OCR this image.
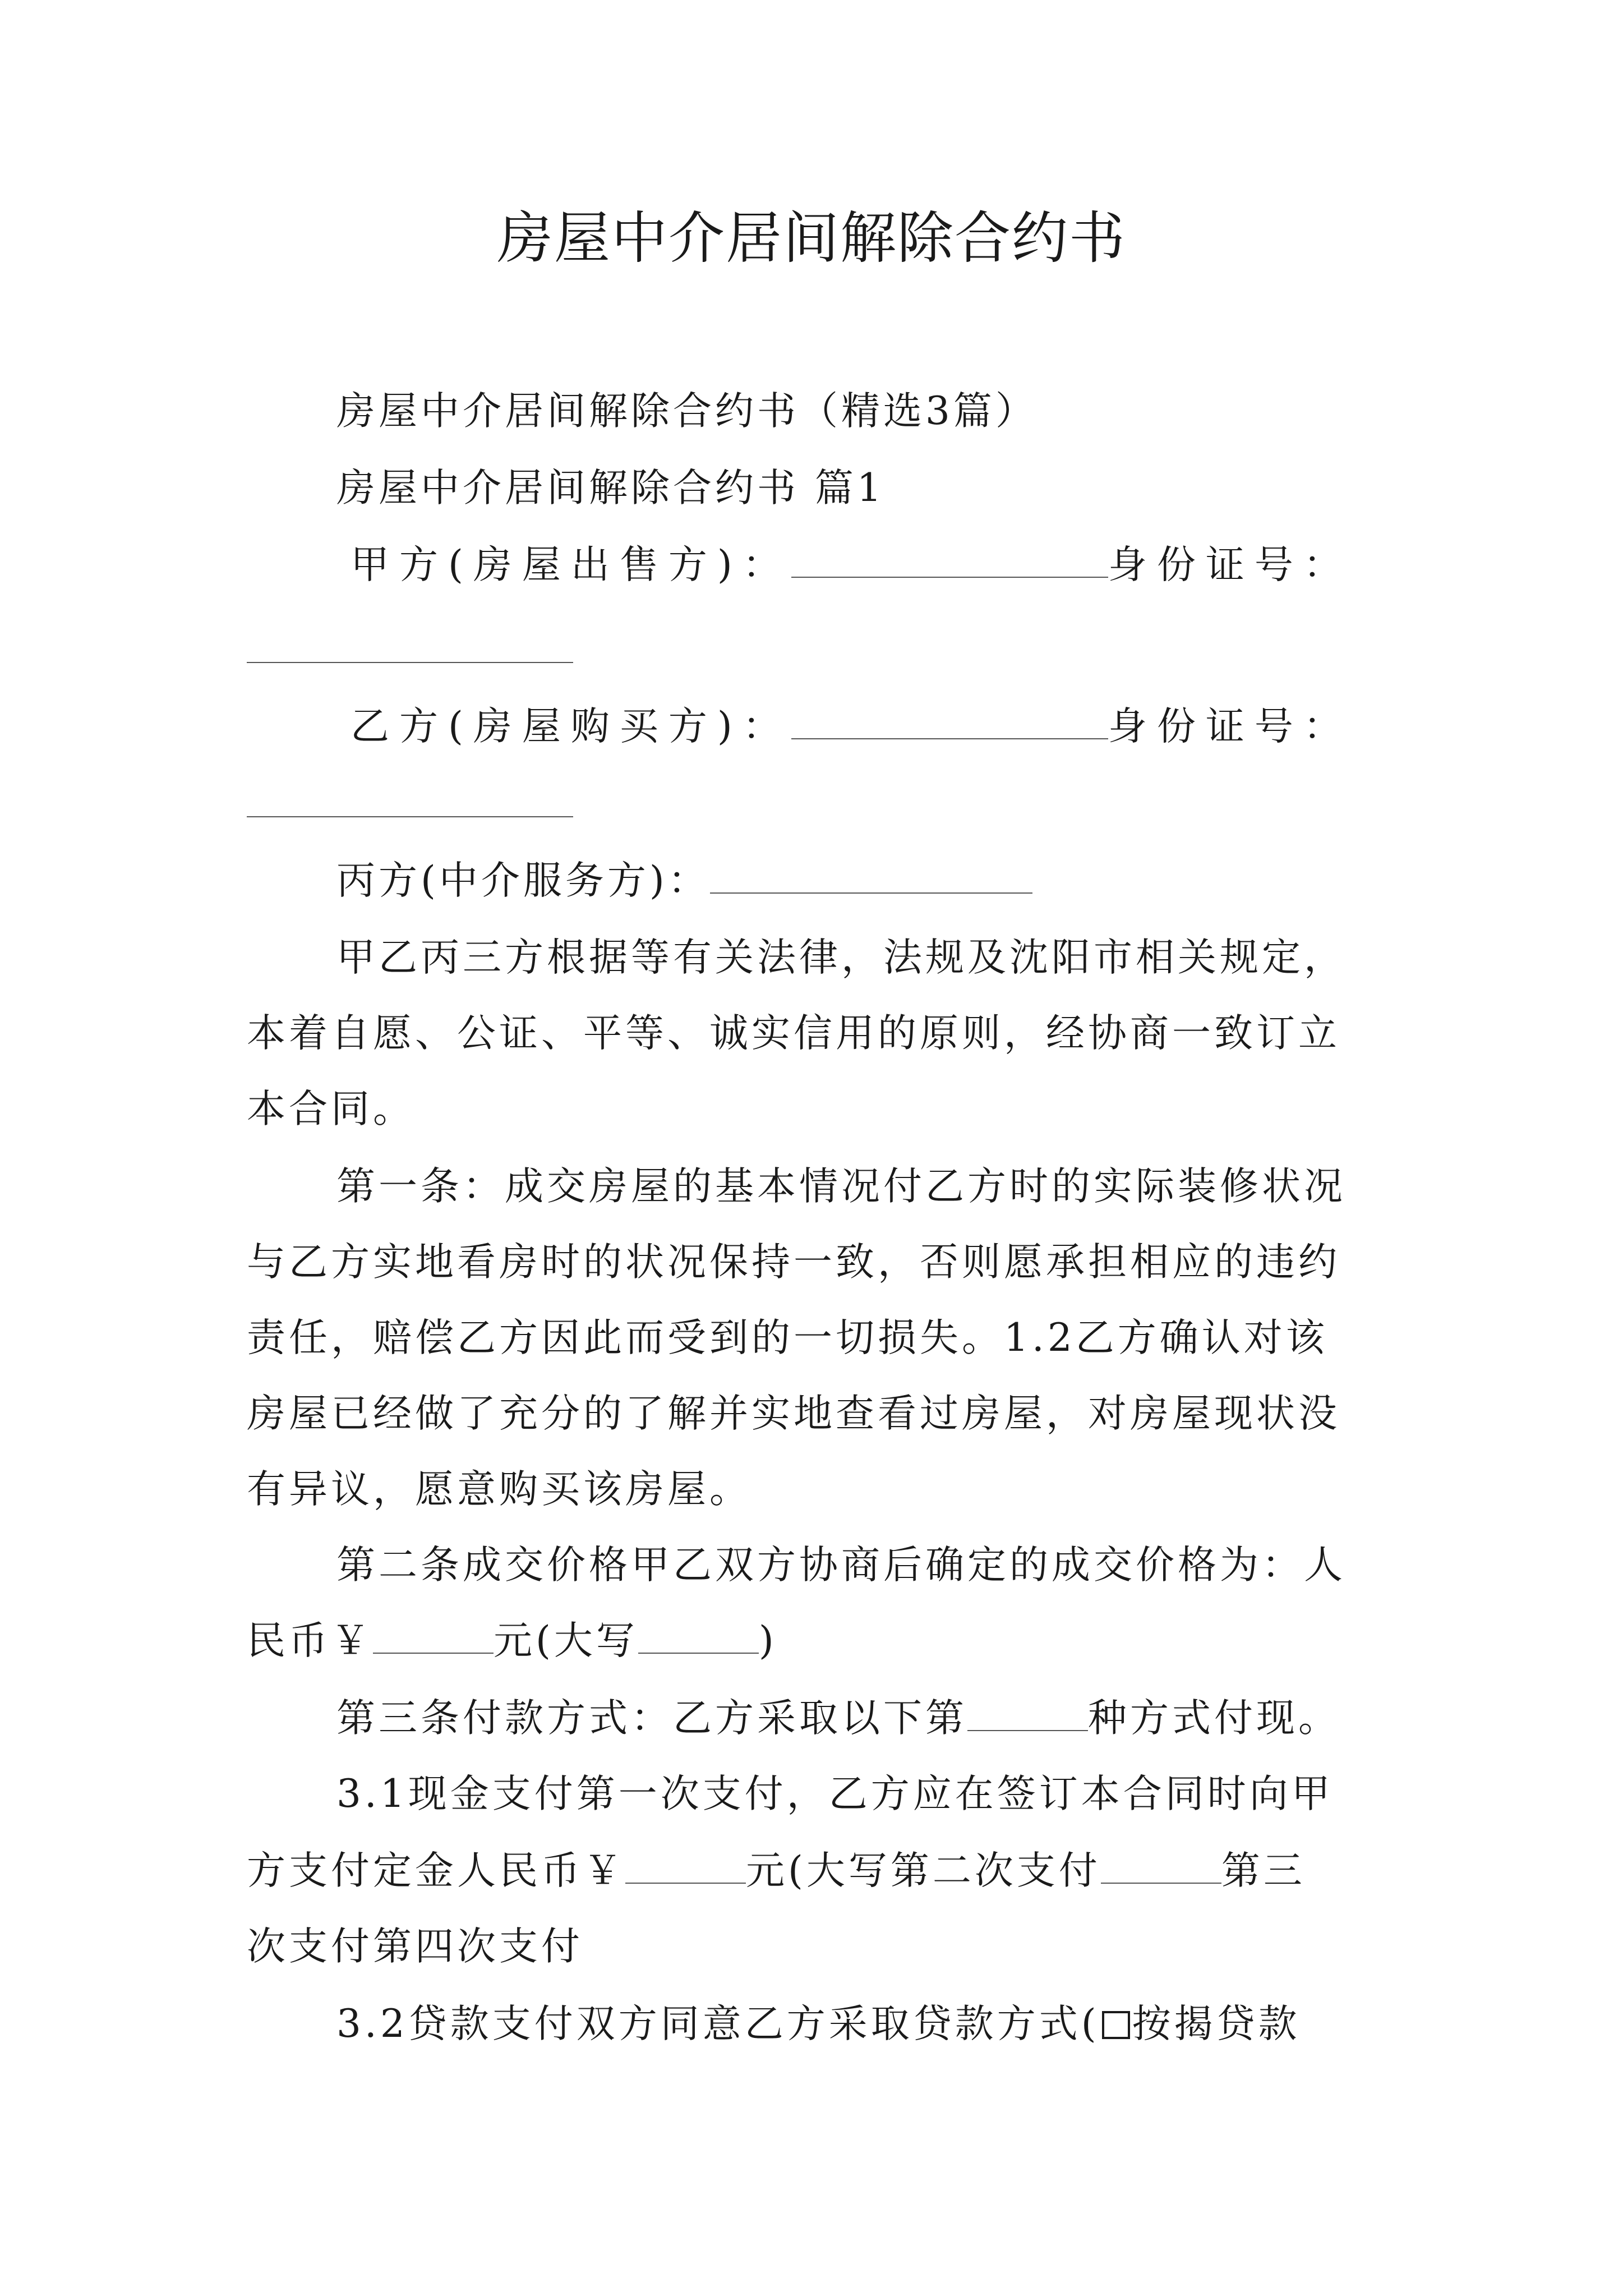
房屋中介居间解除合约书
房屋中介居间解除合约书（精选3篇）
房屋中介居间解除合约书 篇1
甲方(房屋出售方)：	身份证号：
乙方(房屋购买方)：	身份证号：
丙方(中介服务方)：
甲乙丙三方根据等有关法律，法规及沈阳市相关规定，
本着自愿、公证、平等、诚实信用的原则，经协商一致订立
本合同。
第一条：成交房屋的基本情况付乙方时的实际装修状况
与乙方实地看房时的状况保持一致，否则愿承担相应的违约
责任，赔偿乙方因此而受到的一切损失。1.2乙方确认对该
房屋已经做了充分的了解并实地查看过房屋，对房屋现状没
有异议，愿意购买该房屋。
第二条成交价格甲乙双方协商后确定的成交价格为：人
民币￥	元(大写	)
第三条付款方式：乙方采取以下第	种方式付现。
3.1现金支付第一次支付，乙方应在签订本合同时向甲
方支付定金人民币￥	元(大写第二次支付	第三
次支付第四次支付
3.2贷款支付双方同意乙方采取贷款方式( 按揭贷款
